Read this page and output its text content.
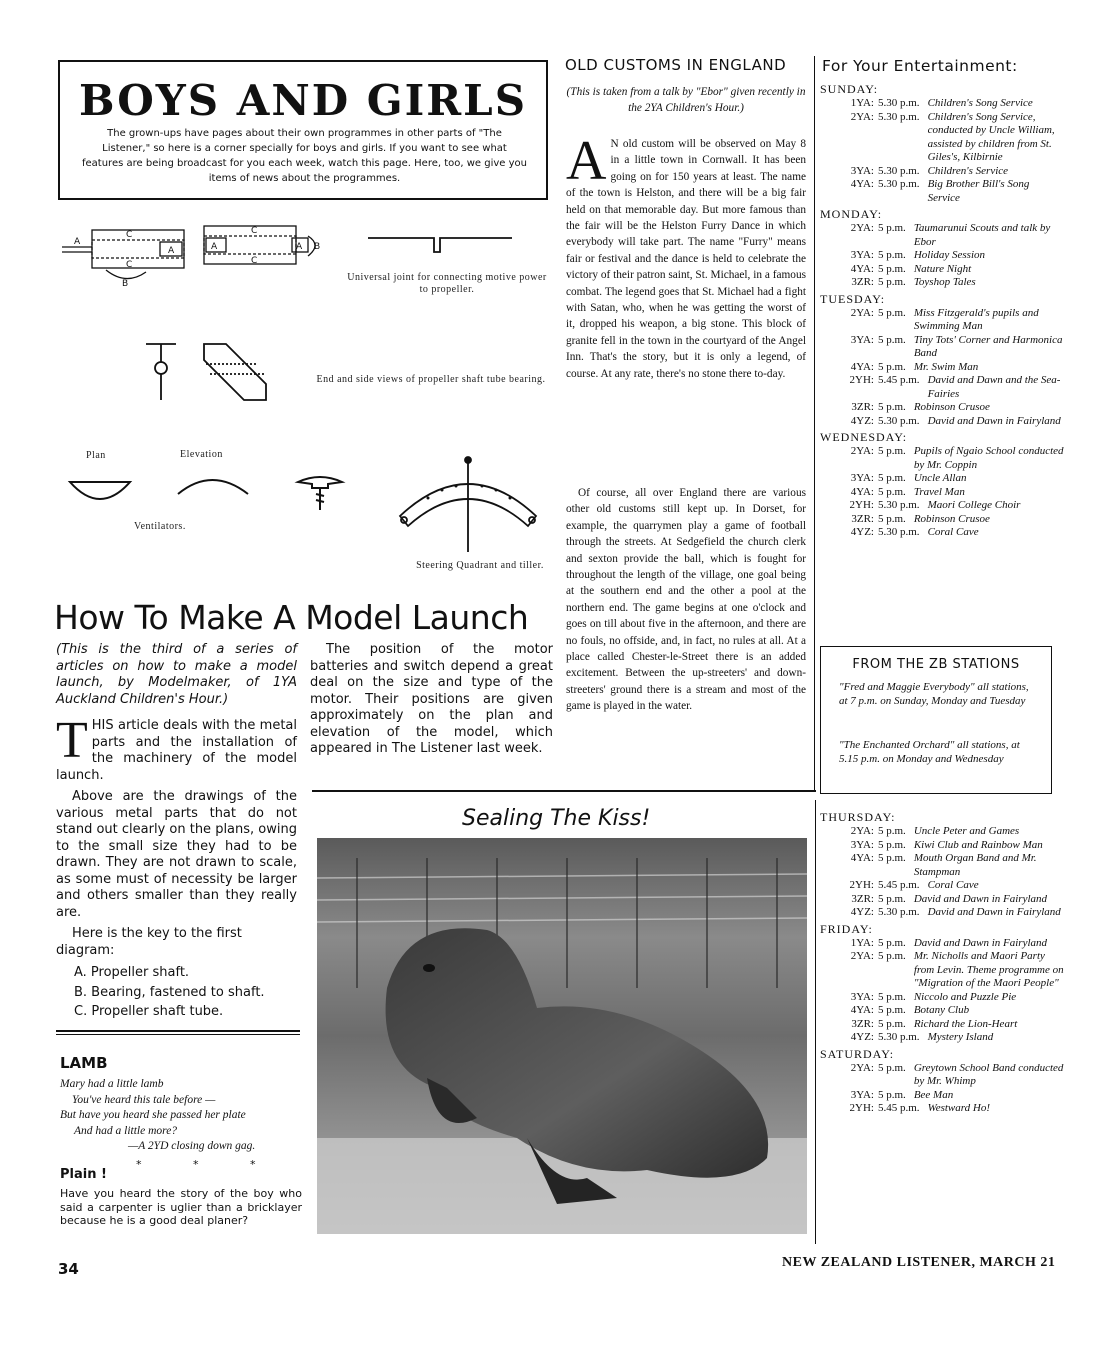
BOYS AND GIRLS
The grown-ups have pages about their own programmes in other parts of "The Listener," so here is a corner specially for boys and girls. If you want to see what features are being broadcast for you each week, watch this page. Here, too, we give you items of news about the programmes.
C
C
A
A
B
C
C
A	A B
Universal joint for connecting motive power to propeller.
End and side views of propeller shaft tube bearing.
Plan	Elevation
Ventilators.
Steering Quadrant and tiller.
How To Make A Model Launch
(This is the third of a series of articles on how to make a model launch, by Modelmaker, of 1YA Auckland Children's Hour.)
THIS article deals with the metal parts and the installation of the machinery of the model launch.
Above are the drawings of the various metal parts that do not stand out clearly on the plans, owing to the small size they had to be drawn. They are not drawn to scale, as some must of necessity be larger and others smaller than they really are.
Here is the key to the first diagram:
A. Propeller shaft.
B. Bearing, fastened to shaft.
C. Propeller shaft tube.
The position of the motor batteries and switch depend a great deal on the size and type of the motor. Their positions are given approximately on the plan and elevation of the model, which appeared in The Listener last week.
LAMB
Mary had a little lamb
You've heard this tale before —
But have you heard she passed her plate
And had a little more?
—A 2YD closing down gag.
* * *
Plain !
Have you heard the story of the boy who said a carpenter is uglier than a bricklayer because he is a good deal planer?
OLD CUSTOMS IN ENGLAND
(This is taken from a talk by "Ebor" given recently in the 2YA Children's Hour.)
A N old custom will be observed on May 8 in a little town in Cornwall. It has been going on for 150 years at least. The name of the town is Helston, and there will be a big fair held on that memorable day. But more famous than the fair will be the Helston Furry Dance in which everybody will take part. The name "Furry" means fair or festival and the dance is held to celebrate the victory of their patron saint, St. Michael, in a famous combat. The legend goes that St. Michael had a fight with Satan, who, when he was getting the worst of it, dropped his weapon, a big stone. This block of granite fell in the town in the courtyard of the Angel Inn. That's the story, but it is only a legend, of course. At any rate, there's no stone there to-day.
Of course, all over England there are various other old customs still kept up. In Dorset, for example, the quarrymen play a game of football through the streets. At Sedgefield the church clerk and sexton provide the ball, which is fought for throughout the length of the village, one goal being at the southern end and the other a pool at the northern end. The game begins at one o'clock and goes on till about five in the afternoon, and there are no fouls, no offside, and, in fact, no rules at all. At a place called Chester-le-Street there is an added excitement. Between the up-streeters' and down-streeters' ground there is a stream and most of the game is played in the water.
For Your Entertainment:
SUNDAY:
1YA: 5.30 p.m. Children's Song Service
2YA: 5.30 p.m. Children's Song Service, conducted by Uncle William, assisted by children from St. Giles's, Kilbirnie
3YA: 5.30 p.m. Children's Service
4YA: 5.30 p.m. Big Brother Bill's Song Service
MONDAY:
2YA: 5 p.m. Taumarunui Scouts and talk by Ebor
3YA: 5 p.m. Holiday Session
4YA: 5 p.m. Nature Night
3ZR: 5 p.m. Toyshop Tales
TUESDAY:
2YA: 5 p.m. Miss Fitzgerald's pupils and Swimming Man
3YA: 5 p.m. Tiny Tots' Corner and Harmonica Band
4YA: 5 p.m. Mr. Swim Man
2YH: 5.45 p.m. David and Dawn and the Sea-Fairies
3ZR: 5 p.m. Robinson Crusoe
4YZ: 5.30 p.m. David and Dawn in Fairyland
WEDNESDAY:
2YA: 5 p.m. Pupils of Ngaio School conducted by Mr. Coppin
3YA: 5 p.m. Uncle Allan
4YA: 5 p.m. Travel Man
2YH: 5.30 p.m. Maori College Choir
3ZR: 5 p.m. Robinson Crusoe
4YZ: 5.30 p.m. Coral Cave
FROM THE ZB STATIONS
"Fred and Maggie Everybody" all stations, at 7 p.m. on Sunday, Monday and Tuesday
"The Enchanted Orchard" all stations, at 5.15 p.m. on Monday and Wednesday
THURSDAY:
2YA: 5 p.m. Uncle Peter and Games
3YA: 5 p.m. Kiwi Club and Rainbow Man
4YA: 5 p.m. Mouth Organ Band and Mr. Stampman
2YH: 5.45 p.m. Coral Cave
3ZR: 5 p.m. David and Dawn in Fairyland
4YZ: 5.30 p.m. David and Dawn in Fairyland
FRIDAY:
1YA: 5 p.m. David and Dawn in Fairyland
2YA: 5 p.m. Mr. Nicholls and Maori Party from Levin. Theme programme on "Migration of the Maori People"
3YA: 5 p.m. Niccolo and Puzzle Pie
4YA: 5 p.m. Botany Club
3ZR: 5 p.m. Richard the Lion-Heart
4YZ: 5.30 p.m. Mystery Island
SATURDAY:
2YA: 5 p.m. Greytown School Band conducted by Mr. Whimp
3YA: 5 p.m. Bee Man
2YH: 5.45 p.m. Westward Ho!
Sealing The Kiss!
34	NEW ZEALAND LISTENER, MARCH 21
